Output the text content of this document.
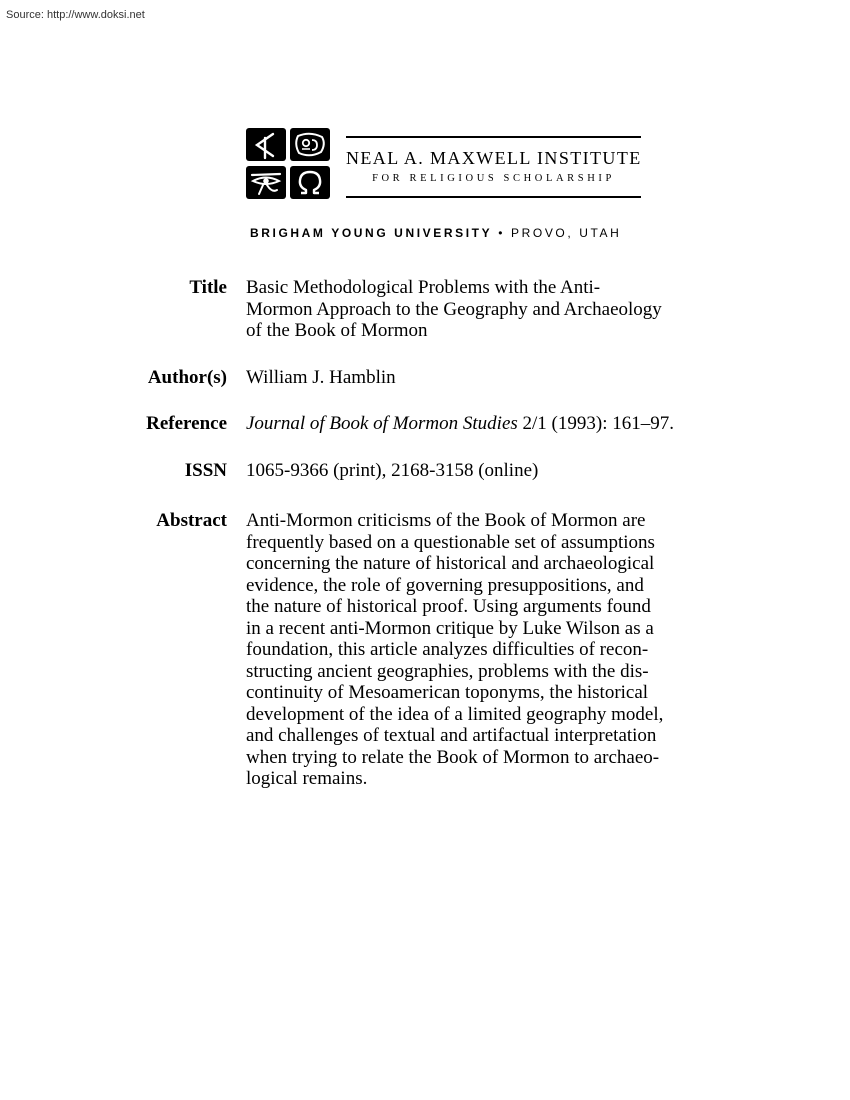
Source: http://www.doksi.net
NEAL A. MAXWELL INSTITUTE
FOR RELIGIOUS SCHOLARSHIP
BRIGHAM YOUNG UNIVERSITY • PROVO, UTAH
Title Basic Methodological Problems with the Anti-
Mormon Approach to the Geography and Archaeology
of the Book of Mormon
Author(s) William J. Hamblin
Reference Journal of Book of Mormon Studies 2/1 (1993): 161–97.
ISSN 1065-9366 (print), 2168-3158 (online)
Abstract Anti-Mormon criticisms of the Book of Mormon are
frequently based on a questionable set of assumptions
concerning the nature of historical and archaeological
evidence, the role of governing presuppositions, and
the nature of historical proof. Using arguments found
in a recent anti-Mormon critique by Luke Wilson as a
foundation, this article analyzes difficulties of recon-
structing ancient geographies, problems with the dis-
continuity of Mesoamerican toponyms, the historical
development of the idea of a limited geography model,
and challenges of textual and artifactual interpretation
when trying to relate the Book of Mormon to archaeo-
logical remains.
